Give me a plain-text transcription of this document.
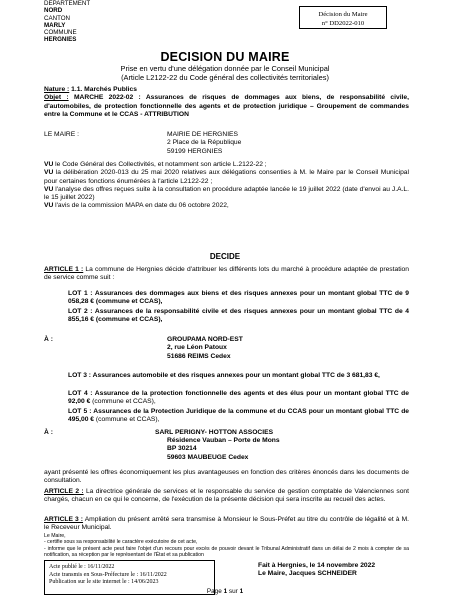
DEPARTEMENT
NORD
CANTON
MARLY
COMMUNE
HERGNIES
Décision du Maire
n° DD2022-010
DECISION DU MAIRE
Prise en vertu d'une délégation donnée par le Conseil Municipal
(Article L2122-22 du Code général des collectivités territoriales)
Nature : 1.1. Marchés Publics
Objet : MARCHE 2022-02 : Assurances de risques de dommages aux biens, de responsabilité civile, d'automobiles, de protection fonctionnelle des agents et de protection juridique – Groupement de commandes entre la Commune et le CCAS - ATTRIBUTION
LE MAIRE :	MAIRIE DE HERGNIES
2 Place de la République
59199 HERGNIES
VU le Code Général des Collectivités, et notamment son article L.2122-22 ;
VU la délibération 2020-013 du 25 mai 2020 relatives aux délégations consenties à M. le Maire par le Conseil Municipal pour certaines fonctions énumérées à l'article L2122-22 ;
VU l'analyse des offres reçues suite à la consultation en procédure adaptée lancée le 19 juillet 2022 (date d'envoi au J.A.L. le 15 juillet 2022)
VU l'avis de la commission MAPA en date du 06 octobre 2022,
DECIDE
ARTICLE 1 : La commune de Hergnies décide d'attribuer les différents lots du marché à procédure adaptée de prestation de service comme suit :
LOT 1 : Assurances des dommages aux biens et des risques annexes pour un montant global TTC de 9 058,28 € (commune et CCAS),
LOT 2 : Assurances de la responsabilité civile et des risques annexes pour un montant global TTC de 4 855,16 € (commune et CCAS),
À :	GROUPAMA NORD-EST
2, rue Léon Patoux
51686 REIMS Cedex
LOT 3 : Assurances automobile et des risques annexes pour un montant global TTC de 3 681,83 €,
LOT 4 : Assurance de la protection fonctionnelle des agents et des élus pour un montant global TTC de 92,00 € (commune et CCAS),
LOT 5 : Assurances de la Protection Juridique de la commune et du CCAS pour un montant global TTC de 495,00 € (commune et CCAS),
À :	SARL PERIGNY- HOTTON ASSOCIES
Résidence Vauban – Porte de Mons
BP 30214
59603 MAUBEUGE Cedex
ayant présenté les offres économiquement les plus avantageuses en fonction des critères énoncés dans les documents de consultation.
ARTICLE 2 : La directrice générale de services et le responsable du service de gestion comptable de Valenciennes sont chargés, chacun en ce qui le concerne, de l'exécution de la présente décision qui sera inscrite au recueil des actes.
ARTICLE 3 : Ampliation du présent arrêté sera transmise à Monsieur le Sous-Préfet au titre du contrôle de légalité et à M. le Receveur Municipal.
Le Maire,
- certifie sous sa responsabilité le caractère exécutoire de cet acte,
- informe que le présent acte peut faire l'objet d'un recours pour excès de pouvoir devant le Tribunal Administratif dans un délai de 2 mois à compter de sa notification, sa réception par le représentant de l'État et sa publication
Acte publié le : 16/11/2022
Acte transmis en Sous-Préfecture le : 16/11/2022
Publication sur le site internet le : 14/06/2023
Fait à Hergnies, le 14 novembre 2022
Le Maire, Jacques SCHNEIDER
Page 1 sur 1
